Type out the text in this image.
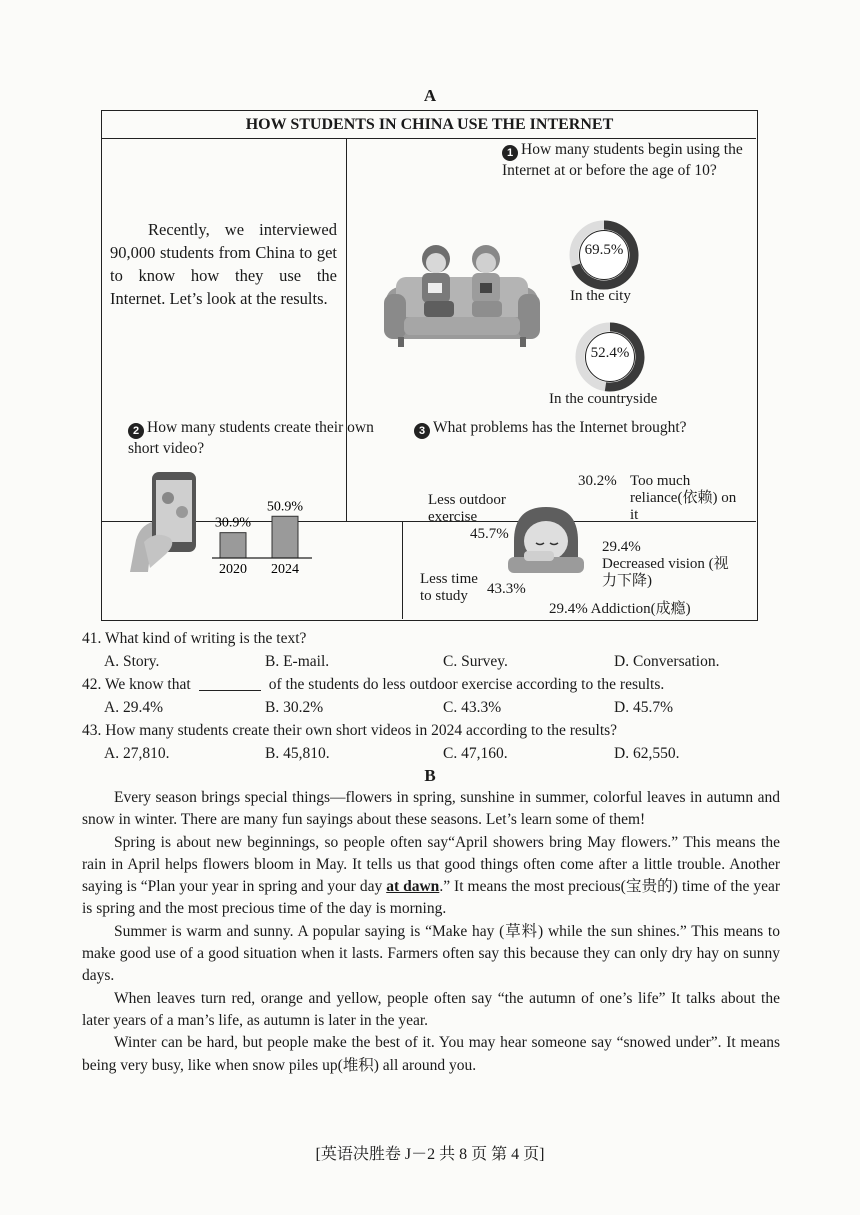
A
HOW STUDENTS IN CHINA USE THE INTERNET
Recently, we interviewed 90,000 students from China to get to know how they use the Internet. Let’s look at the results.
1 How many students begin using the Internet at or before the age of 10?
69.5%
In the city
52.4%
In the countryside
2 How many students create their own short video?
30.9%
2020
50.9%
2024
3 What problems has the Internet brought?
30.2% Too much reliance(依赖) on it
Less outdoor exercise
45.7%
29.4%
Decreased vision (视力下降)
Less time to study	43.3%
29.4% Addiction(成瘾)
41. What kind of writing is the text?
A. Story.	B. E-mail.	C. Survey.	D. Conversation.
42. We know that	of the students do less outdoor exercise according to the results.
A. 29.4%	B. 30.2%	C. 43.3%	D. 45.7%
43. How many students create their own short videos in 2024 according to the results?
A. 27,810.	B. 45,810.	C. 47,160.	D. 62,550.
B

Every season brings special things—flowers in spring, sunshine in summer, colorful leaves in autumn and snow in winter. There are many fun sayings about these seasons. Let’s learn some of them!

Spring is about new beginnings, so people often say“April showers bring May flowers.” This means the rain in April helps flowers bloom in May. It tells us that good things often come after a little trouble. Another saying is “Plan your year in spring and your day at dawn.” It means the most precious(宝贵的) time of the year is spring and the most precious time of the day is morning.

Summer is warm and sunny. A popular saying is “Make hay (草料) while the sun shines.” This means to make good use of a good situation when it lasts. Farmers often say this because they can only dry hay on sunny days.

When leaves turn red, orange and yellow, people often say “the autumn of one’s life” It talks about the later years of a man’s life, as autumn is later in the year.

Winter can be hard, but people make the best of it. You may hear someone say “snowed under”. It means being very busy, like when snow piles up(堆积) all around you.

[英语决胜卷 J－2 共 8 页 第 4 页]
